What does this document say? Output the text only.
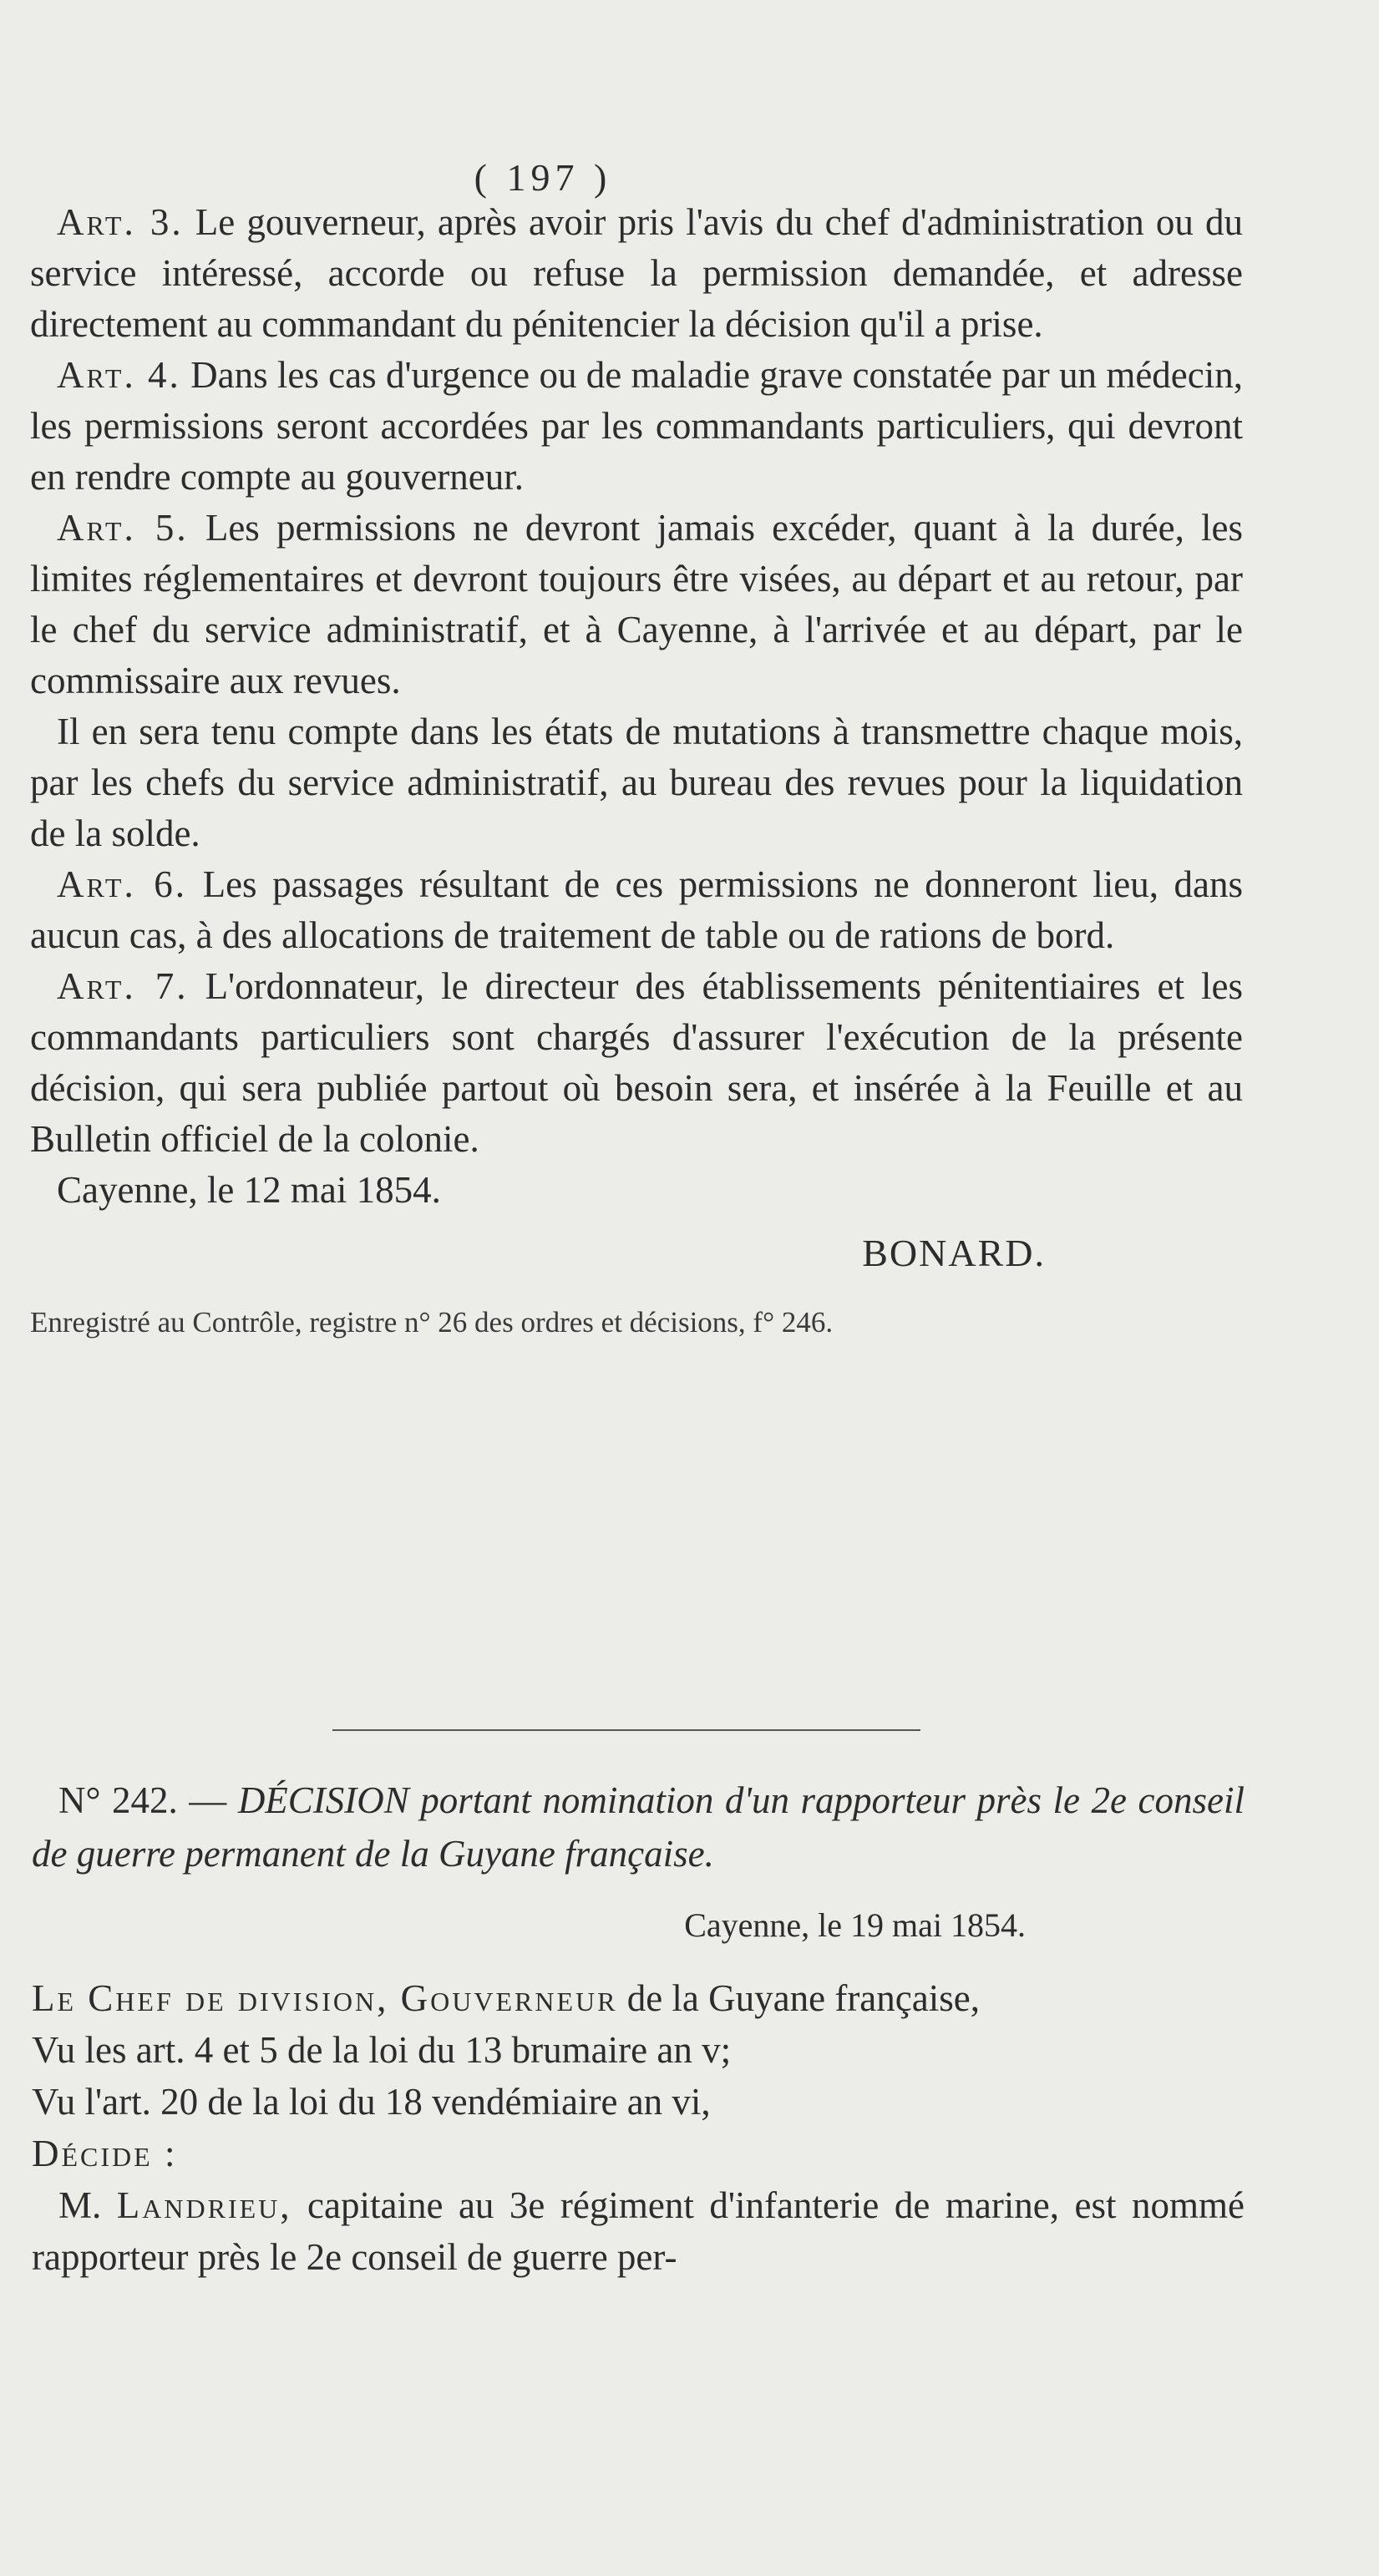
( 197 )

Art. 3. Le gouverneur, après avoir pris l'avis du chef d'administration ou du service intéressé, accorde ou refuse la permission demandée, et adresse directement au commandant du pénitencier la décision qu'il a prise.

Art. 4. Dans les cas d'urgence ou de maladie grave constatée par un médecin, les permissions seront accordées par les commandants particuliers, qui devront en rendre compte au gouverneur.

Art. 5. Les permissions ne devront jamais excéder, quant à la durée, les limites réglementaires et devront toujours être visées, au départ et au retour, par le chef du service administratif, et à Cayenne, à l'arrivée et au départ, par le commissaire aux revues.

Il en sera tenu compte dans les états de mutations à transmettre chaque mois, par les chefs du service administratif, au bureau des revues pour la liquidation de la solde.

Art. 6. Les passages résultant de ces permissions ne donneront lieu, dans aucun cas, à des allocations de traitement de table ou de rations de bord.

Art. 7. L'ordonnateur, le directeur des établissements pénitentiaires et les commandants particuliers sont chargés d'assurer l'exécution de la présente décision, qui sera publiée partout où besoin sera, et insérée à la Feuille et au Bulletin officiel de la colonie.

Cayenne, le 12 mai 1854.

BONARD.

Enregistré au Contrôle, registre n° 26 des ordres et décisions, f° 246.

N° 242. — DÉCISION portant nomination d'un rapporteur près le 2e conseil de guerre permanent de la Guyane française.

Cayenne, le 19 mai 1854.

Le Chef de division, Gouverneur de la Guyane française,

Vu les art. 4 et 5 de la loi du 13 brumaire an v;

Vu l'art. 20 de la loi du 18 vendémiaire an vi,

Décide :

M. Landrieu, capitaine au 3e régiment d'infanterie de marine, est nommé rapporteur près le 2e conseil de guerre per-
